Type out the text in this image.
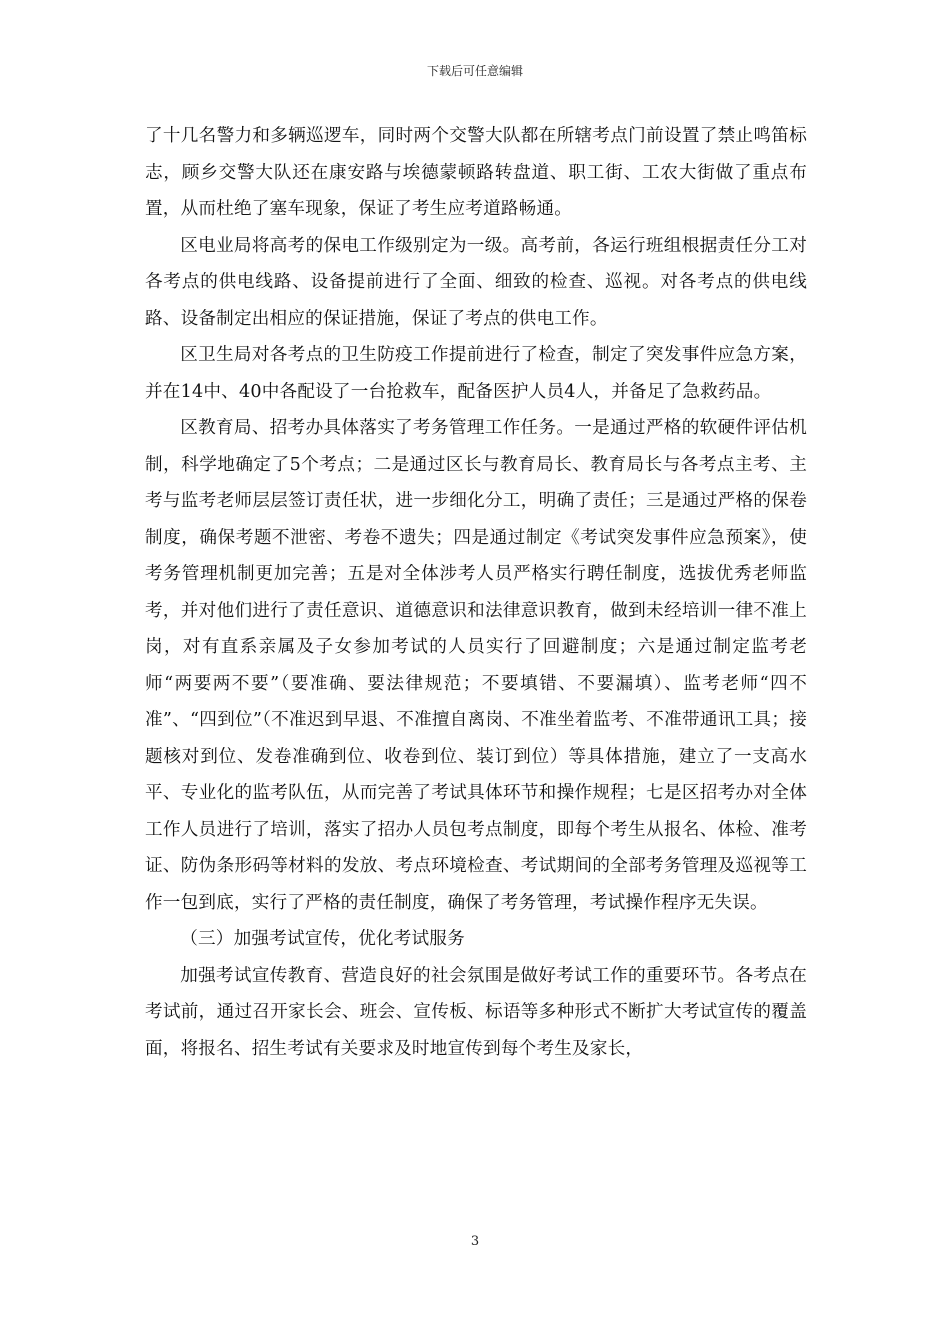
下载后可任意编辑

了十几名警力和多辆巡逻车，同时两个交警大队都在所辖考点门前设置了禁止鸣笛标志，顾乡交警大队还在康安路与埃德蒙顿路转盘道、职工街、工农大街做了重点布置，从而杜绝了塞车现象，保证了考生应考道路畅通。

区电业局将高考的保电工作级别定为一级。高考前，各运行班组根据责任分工对各考点的供电线路、设备提前进行了全面、细致的检查、巡视。对各考点的供电线路、设备制定出相应的保证措施，保证了考点的供电工作。

区卫生局对各考点的卫生防疫工作提前进行了检查，制定了突发事件应急方案，并在14中、40中各配设了一台抢救车，配备医护人员4人，并备足了急救药品。

区教育局、招考办具体落实了考务管理工作任务。一是通过严格的软硬件评估机制，科学地确定了5个考点；二是通过区长与教育局长、教育局长与各考点主考、主考与监考老师层层签订责任状，进一步细化分工，明确了责任；三是通过严格的保卷制度，确保考题不泄密、考卷不遗失；四是通过制定《考试突发事件应急预案》，使考务管理机制更加完善；五是对全体涉考人员严格实行聘任制度，选拔优秀老师监考，并对他们进行了责任意识、道德意识和法律意识教育，做到未经培训一律不准上岗，对有直系亲属及子女参加考试的人员实行了回避制度；六是通过制定监考老师“两要两不要”（要准确、要法律规范；不要填错、不要漏填）、监考老师“四不准”、“四到位”（不准迟到早退、不准擅自离岗、不准坐着监考、不准带通讯工具；接题核对到位、发卷准确到位、收卷到位、装订到位）等具体措施，建立了一支高水平、专业化的监考队伍，从而完善了考试具体环节和操作规程；七是区招考办对全体工作人员进行了培训，落实了招办人员包考点制度，即每个考生从报名、体检、准考证、防伪条形码等材料的发放、考点环境检查、考试期间的全部考务管理及巡视等工作一包到底，实行了严格的责任制度，确保了考务管理，考试操作程序无失误。

（三）加强考试宣传，优化考试服务

加强考试宣传教育、营造良好的社会氛围是做好考试工作的重要环节。各考点在考试前，通过召开家长会、班会、宣传板、标语等多种形式不断扩大考试宣传的覆盖面，将报名、招生考试有关要求及时地宣传到每个考生及家长，

3
